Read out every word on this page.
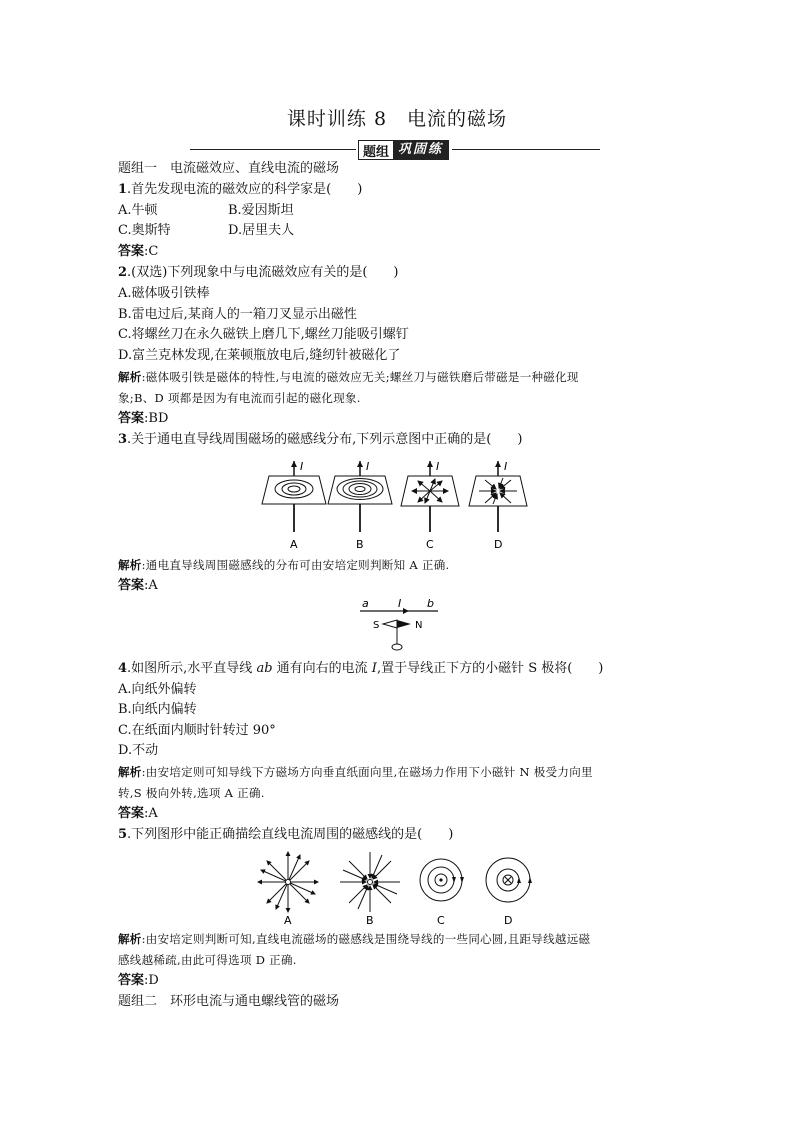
课时训练 8　电流的磁场
题组 巩固练
题组一　电流磁效应、直线电流的磁场
1.首先发现电流的磁效应的科学家是(　　)
A.牛顿	B.爱因斯坦
C.奥斯特	D.居里夫人
答案:C
2.(双选)下列现象中与电流磁效应有关的是(　　)
A.磁体吸引铁棒
B.雷电过后,某商人的一箱刀叉显示出磁性
C.将螺丝刀在永久磁铁上磨几下,螺丝刀能吸引螺钉
D.富兰克林发现,在莱顿瓶放电后,缝纫针被磁化了
解析:磁体吸引铁是磁体的特性,与电流的磁效应无关;螺丝刀与磁铁磨后带磁是一种磁化现
象;B、D 项都是因为有电流而引起的磁化现象.
答案:BD
3.关于通电直导线周围磁场的磁感线分布,下列示意图中正确的是(　　)
I
A
I
B
I
C
I
D
解析:通电直导线周围磁感线的分布可由安培定则判断知 A 正确.
答案:A
a	I b
S	N
4.如图所示,水平直导线 ab 通有向右的电流 I,置于导线正下方的小磁针 S 极将(　　)
A.向纸外偏转
B.向纸内偏转
C.在纸面内顺时针转过 90°
D.不动
解析:由安培定则可知导线下方磁场方向垂直纸面向里,在磁场力作用下小磁针 N 极受力向里
转,S 极向外转,选项 A 正确.
答案:A
5.下列图形中能正确描绘直线电流周围的磁感线的是(　　)
A	B	C	D
解析:由安培定则判断可知,直线电流磁场的磁感线是围绕导线的一些同心圆,且距导线越远磁
感线越稀疏,由此可得选项 D 正确.
答案:D
题组二　环形电流与通电螺线管的磁场
